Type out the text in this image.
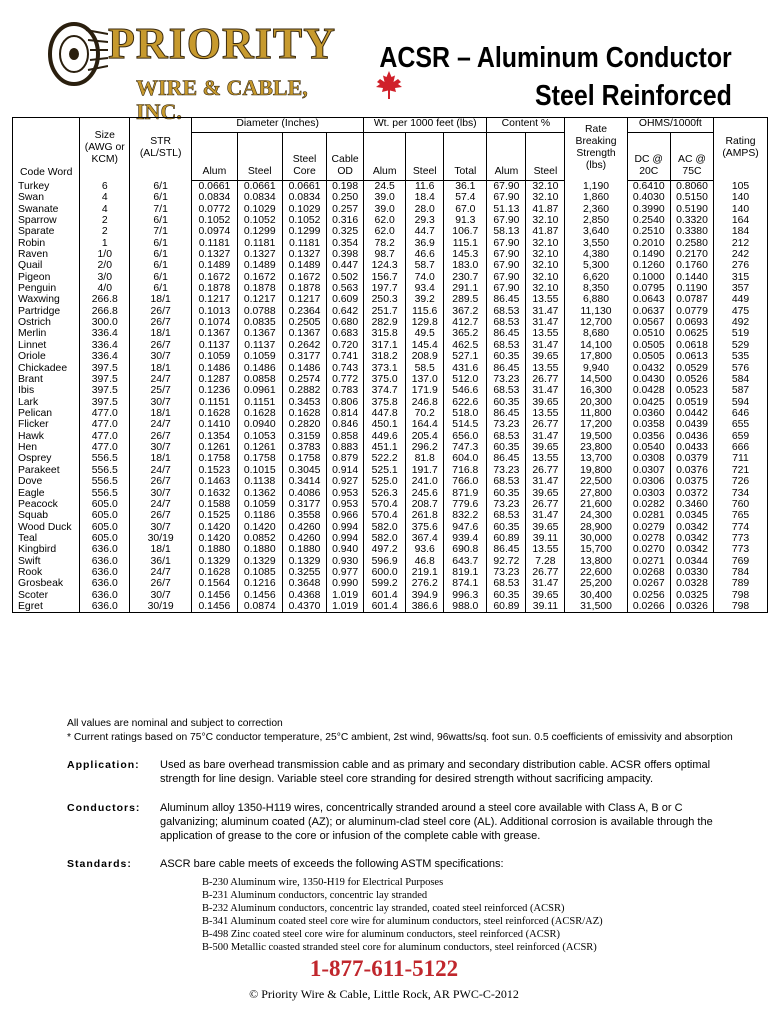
PRIORITY
WIRE & CABLE, INC.
ACSR – Aluminum Conductor
Steel Reinforced
Code Word	Size (AWG or KCM)	STR (AL/STL)	Diameter (Inches)				Wt. per 1000 feet (lbs)			Content %		Rate Breaking Strength (lbs)	OHMS/1000ft		Rating (AMPS)
			Alum	Steel	Steel Core	Cable OD	Alum	Steel	Total	Alum	Steel		DC @ 20C	AC @ 75C	
Turkey	6	6/1	0.0661	0.0661	0.0661	0.198	24.5	11.6	36.1	67.90	32.10	1,190	0.6410	0.8060	105
Swan	4	6/1	0.0834	0.0834	0.0834	0.250	39.0	18.4	57.4	67.90	32.10	1,860	0.4030	0.5150	140
Swanate	4	7/1	0.0772	0.1029	0.1029	0.257	39.0	28.0	67.0	51.13	41.87	2,360	0.3990	0.5190	140
Sparrow	2	6/1	0.1052	0.1052	0.1052	0.316	62.0	29.3	91.3	67.90	32.10	2,850	0.2540	0.3320	164
Sparate	2	7/1	0.0974	0.1299	0.1299	0.325	62.0	44.7	106.7	58.13	41.87	3,640	0.2510	0.3380	184
Robin	1	6/1	0.1181	0.1181	0.1181	0.354	78.2	36.9	115.1	67.90	32.10	3,550	0.2010	0.2580	212
Raven	1/0	6/1	0.1327	0.1327	0.1327	0.398	98.7	46.6	145.3	67.90	32.10	4,380	0.1490	0.2170	242
Quail	2/0	6/1	0.1489	0.1489	0.1489	0.447	124.3	58.7	183.0	67.90	32.10	5,300	0.1260	0.1760	276
Pigeon	3/0	6/1	0.1672	0.1672	0.1672	0.502	156.7	74.0	230.7	67.90	32.10	6,620	0.1000	0.1440	315
Penguin	4/0	6/1	0.1878	0.1878	0.1878	0.563	197.7	93.4	291.1	67.90	32.10	8,350	0.0795	0.1190	357
Waxwing	266.8	18/1	0.1217	0.1217	0.1217	0.609	250.3	39.2	289.5	86.45	13.55	6,880	0.0643	0.0787	449
Partridge	266.8	26/7	0.1013	0.0788	0.2364	0.642	251.7	115.6	367.2	68.53	31.47	11,130	0.0637	0.0779	475
Ostrich	300.0	26/7	0.1074	0.0835	0.2505	0.680	282.9	129.8	412.7	68.53	31.47	12,700	0.0567	0.0693	492
Merlin	336.4	18/1	0.1367	0.1367	0.1367	0.683	315.8	49.5	365.2	86.45	13.55	8,680	0.0510	0.0625	519
Linnet	336.4	26/7	0.1137	0.1137	0.2642	0.720	317.1	145.4	462.5	68.53	31.47	14,100	0.0505	0.0618	529
Oriole	336.4	30/7	0.1059	0.1059	0.3177	0.741	318.2	208.9	527.1	60.35	39.65	17,800	0.0505	0.0613	535
Chickadee	397.5	18/1	0.1486	0.1486	0.1486	0.743	373.1	58.5	431.6	86.45	13.55	9,940	0.0432	0.0529	576
Brant	397.5	24/7	0.1287	0.0858	0.2574	0.772	375.0	137.0	512.0	73.23	26.77	14,500	0.0430	0.0526	584
Ibis	397.5	25/7	0.1236	0.0961	0.2882	0.783	374.7	171.9	546.6	68.53	31.47	16,300	0.0428	0.0523	587
Lark	397.5	30/7	0.1151	0.1151	0.3453	0.806	375.8	246.8	622.6	60.35	39.65	20,300	0.0425	0.0519	594
Pelican	477.0	18/1	0.1628	0.1628	0.1628	0.814	447.8	70.2	518.0	86.45	13.55	11,800	0.0360	0.0442	646
Flicker	477.0	24/7	0.1410	0.0940	0.2820	0.846	450.1	164.4	514.5	73.23	26.77	17,200	0.0358	0.0439	655
Hawk	477.0	26/7	0.1354	0.1053	0.3159	0.858	449.6	205.4	656.0	68.53	31.47	19,500	0.0356	0.0436	659
Hen	477.0	30/7	0.1261	0.1261	0.3783	0.883	451.1	296.2	747.3	60.35	39.65	23,800	0.0540	0.0433	666
Osprey	556.5	18/1	0.1758	0.1758	0.1758	0.879	522.2	81.8	604.0	86.45	13.55	13,700	0.0308	0.0379	711
Parakeet	556.5	24/7	0.1523	0.1015	0.3045	0.914	525.1	191.7	716.8	73.23	26.77	19,800	0.0307	0.0376	721
Dove	556.5	26/7	0.1463	0.1138	0.3414	0.927	525.0	241.0	766.0	68.53	31.47	22,500	0.0306	0.0375	726
Eagle	556.5	30/7	0.1632	0.1362	0.4086	0.953	526.3	245.6	871.9	60.35	39.65	27,800	0.0303	0.0372	734
Peacock	605.0	24/7	0.1588	0.1059	0.3177	0.953	570.4	208.7	779.6	73.23	26.77	21,600	0.0282	0.3460	760
Squab	605.0	26/7	0.1525	0.1186	0.3558	0.966	570.4	261.8	832.2	68.53	31.47	24,300	0.0281	0.0345	765
Wood Duck	605.0	30/7	0.1420	0.1420	0.4260	0.994	582.0	375.6	947.6	60.35	39.65	28,900	0.0279	0.0342	774
Teal	605.0	30/19	0.1420	0.0852	0.4260	0.994	582.0	367.4	939.4	60.89	39.11	30,000	0.0278	0.0342	773
Kingbird	636.0	18/1	0.1880	0.1880	0.1880	0.940	497.2	93.6	690.8	86.45	13.55	15,700	0.0270	0.0342	773
Swift	636.0	36/1	0.1329	0.1329	0.1329	0.930	596.9	46.8	643.7	92.72	7.28	13,800	0.0271	0.0344	769
Rook	636.0	24/7	0.1628	0.1085	0.3255	0.977	600.0	219.1	819.1	73.23	26.77	22,600	0.0268	0.0330	784
Grosbeak	636.0	26/7	0.1564	0.1216	0.3648	0.990	599.2	276.2	874.1	68.53	31.47	25,200	0.0267	0.0328	789
Scoter	636.0	30/7	0.1456	0.1456	0.4368	1.019	601.4	394.9	996.3	60.35	39.65	30,400	0.0256	0.0325	798
Egret	636.0	30/19	0.1456	0.0874	0.4370	1.019	601.4	386.6	988.0	60.89	39.11	31,500	0.0266	0.0326	798
All values are nominal and subject to correction
* Current ratings based on 75°C conductor temperature, 25°C ambient, 2st wind, 96watts/sq. foot sun. 0.5 coefficients of emissivity and absorption
Application: Used as bare overhead transmission cable and as primary and secondary distribution cable. ACSR offers optimal strength for line design. Variable steel core stranding for desired strength without sacrificing ampacity.
Conductors: Aluminum alloy 1350-H119 wires, concentrically stranded around a steel core available with Class A, B or C galvanizing; aluminum coated (AZ); or aluminum-clad steel core (AL). Additional corrosion is available through the application of grease to the core or infusion of the complete cable with grease.
Standards:	ASCR bare cable meets of exceeds the following ASTM specifications:
B-230 Aluminum wire, 1350-H19 for Electrical Purposes
B-231 Aluminum conductors, concentric lay stranded
B-232 Aluminum conductors, concentric lay stranded, coated steel reinforced (ACSR)
B-341 Aluminum coated steel core wire for aluminum conductors, steel reinforced (ACSR/AZ)
B-498 Zinc coated steel core wire for aluminum conductors, steel reinforced (ACSR)
B-500 Metallic coasted stranded steel core for aluminum conductors, steel reinforced (ACSR)
1-877-611-5122
© Priority Wire & Cable, Little Rock, AR PWC-C-2012
